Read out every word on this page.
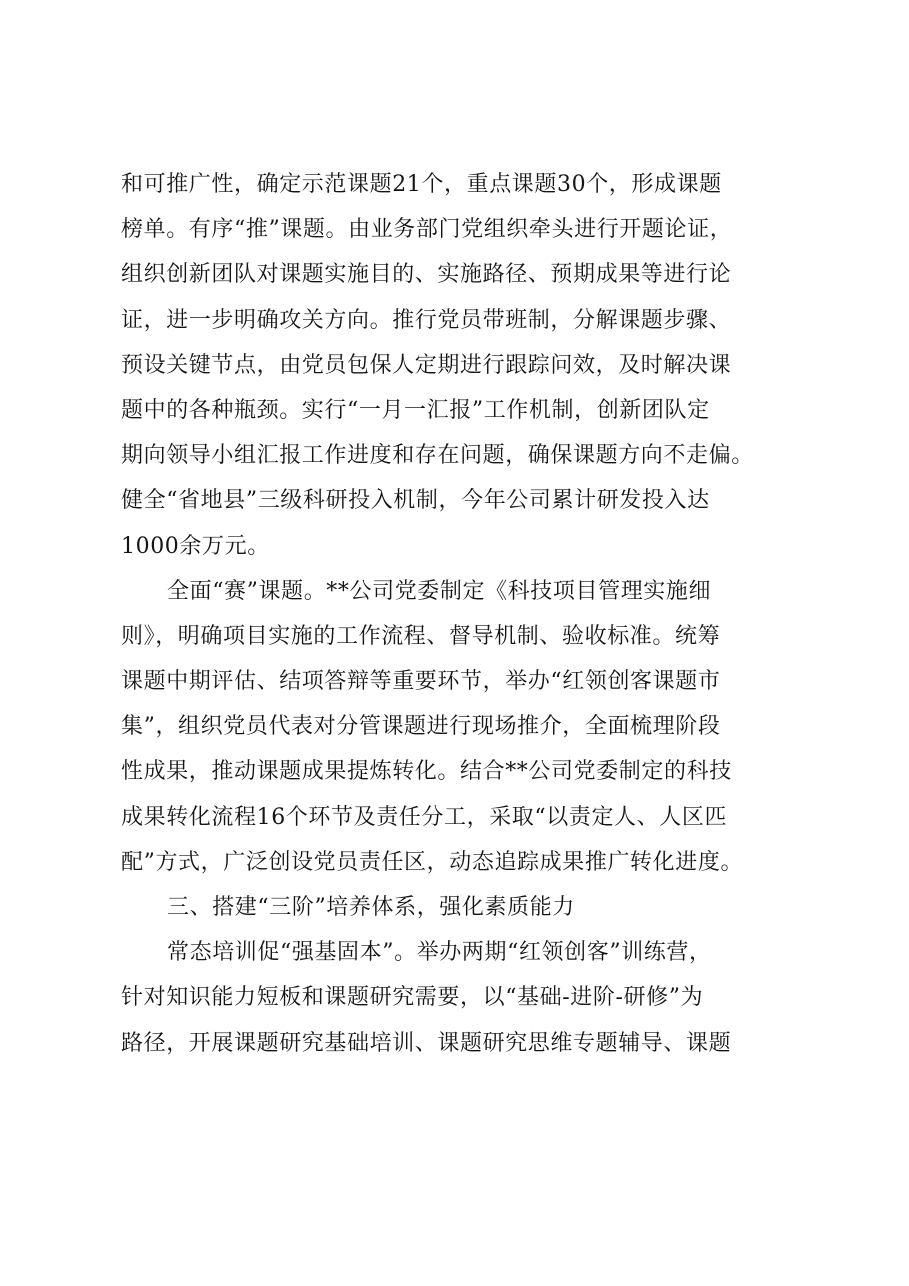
和可推广性，确定示范课题21个，重点课题30个，形成课题
榜单。有序“推”课题。由业务部门党组织牵头进行开题论证，
组织创新团队对课题实施目的、实施路径、预期成果等进行论
证，进一步明确攻关方向。推行党员带班制，分解课题步骤、
预设关键节点，由党员包保人定期进行跟踪问效，及时解决课
题中的各种瓶颈。实行“一月一汇报”工作机制，创新团队定
期向领导小组汇报工作进度和存在问题，确保课题方向不走偏。
健全“省地县”三级科研投入机制，今年公司累计研发投入达
1000余万元。
全面“赛”课题。**公司党委制定《科技项目管理实施细
则》，明确项目实施的工作流程、督导机制、验收标准。统筹
课题中期评估、结项答辩等重要环节，举办“红领创客课题市
集”，组织党员代表对分管课题进行现场推介，全面梳理阶段
性成果，推动课题成果提炼转化。结合**公司党委制定的科技
成果转化流程16个环节及责任分工，采取“以责定人、人区匹
配”方式，广泛创设党员责任区，动态追踪成果推广转化进度。
三、搭建“三阶”培养体系，强化素质能力
常态培训促“强基固本”。举办两期“红领创客”训练营，
针对知识能力短板和课题研究需要，以“基础-进阶-研修”为
路径，开展课题研究基础培训、课题研究思维专题辅导、课题
